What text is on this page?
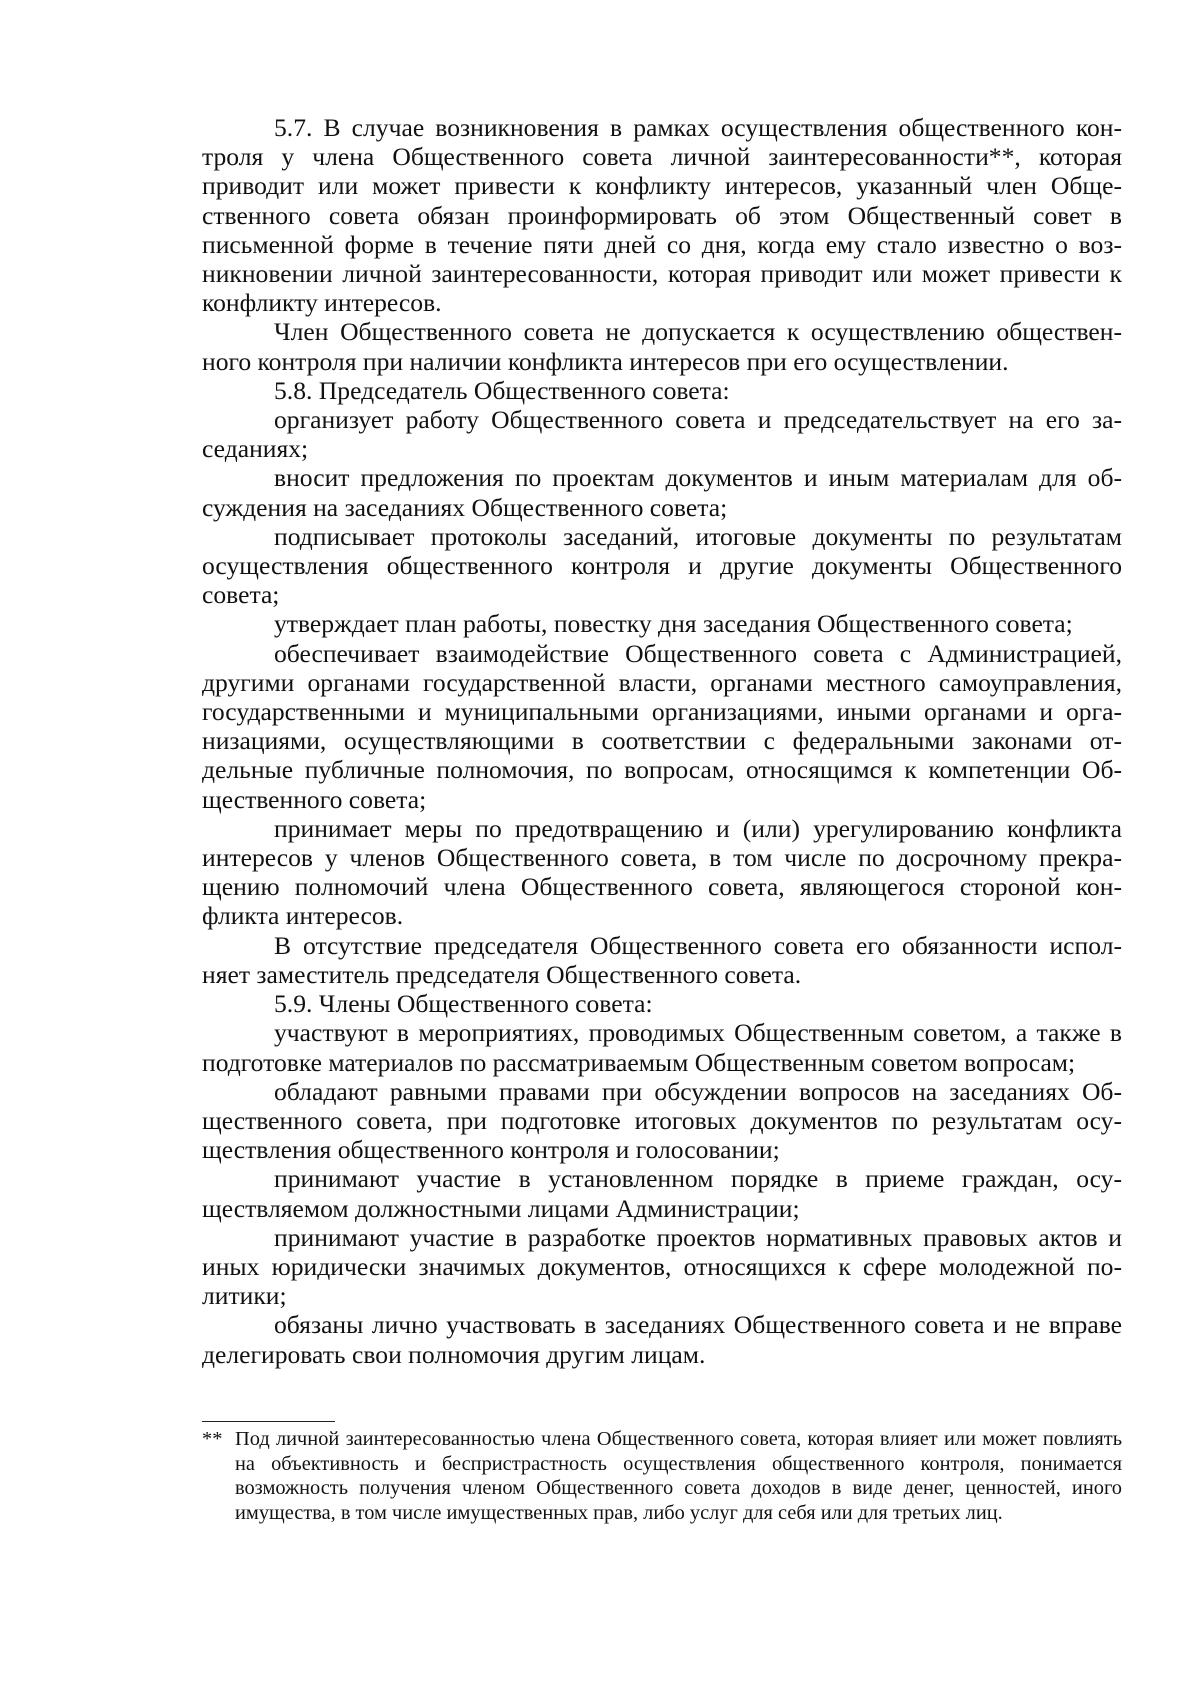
5.7. В случае возникновения в рамках осуществления общественного контроля у члена Общественного совета личной заинтересованности**, которая приводит или может привести к конфликту интересов, указанный член Общественного совета обязан проинформировать об этом Общественный совет в письменной форме в течение пяти дней со дня, когда ему стало известно о возникновении личной заинтересованности, которая приводит или может привести к конфликту интересов.

Член Общественного совета не допускается к осуществлению общественного контроля при наличии конфликта интересов при его осуществлении.

5.8. Председатель Общественного совета:

организует работу Общественного совета и председательствует на его заседаниях;

вносит предложения по проектам документов и иным материалам для обсуждения на заседаниях Общественного совета;

подписывает протоколы заседаний, итоговые документы по результатам осуществления общественного контроля и другие документы Общественного совета;

утверждает план работы, повестку дня заседания Общественного совета;

обеспечивает взаимодействие Общественного совета с Администрацией, другими органами государственной власти, органами местного самоуправления, государственными и муниципальными организациями, иными органами и организациями, осуществляющими в соответствии с федеральными законами отдельные публичные полномочия, по вопросам, относящимся к компетенции Общественного совета;

принимает меры по предотвращению и (или) урегулированию конфликта интересов у членов Общественного совета, в том числе по досрочному прекращению полномочий члена Общественного совета, являющегося стороной конфликта интересов.

В отсутствие председателя Общественного совета его обязанности исполняет заместитель председателя Общественного совета.

5.9. Члены Общественного совета:

участвуют в мероприятиях, проводимых Общественным советом, а также в подготовке материалов по рассматриваемым Общественным советом вопросам;

обладают равными правами при обсуждении вопросов на заседаниях Общественного совета, при подготовке итоговых документов по результатам осуществления общественного контроля и голосовании;

принимают участие в установленном порядке в приеме граждан, осуществляемом должностными лицами Администрации;

принимают участие в разработке проектов нормативных правовых актов и иных юридически значимых документов, относящихся к сфере молодежной политики;

обязаны лично участвовать в заседаниях Общественного совета и не вправе делегировать свои полномочия другим лицам.

** Под личной заинтересованностью члена Общественного совета, которая влияет или может повлиять на объективность и беспристрастность осуществления общественного контроля, понимается возможность получения членом Общественного совета доходов в виде денег, ценностей, иного имущества, в том числе имущественных прав, либо услуг для себя или для третьих лиц.
